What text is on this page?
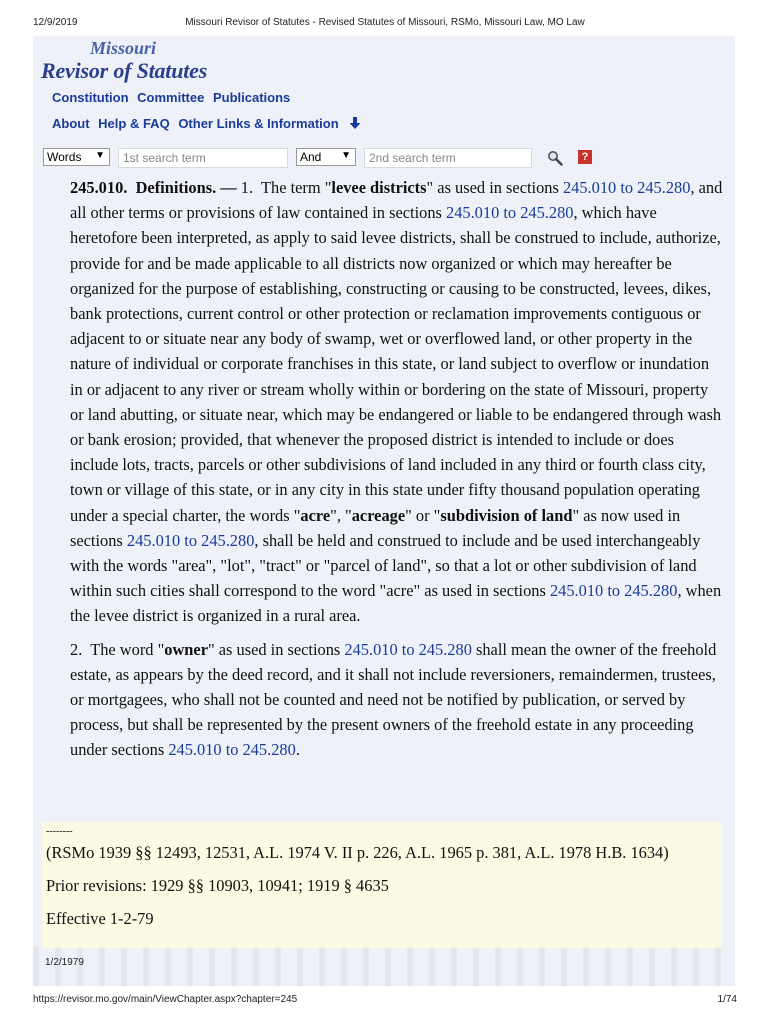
12/9/2019	Missouri Revisor of Statutes - Revised Statutes of Missouri, RSMo, Missouri Law, MO Law
Missouri
Revisor of Statutes
Constitution Committee Publications
About Help & FAQ Other Links & Information
Words ▼	1st search term	And ▼	2nd search term	?

245.010. Definitions. — 1. The term "levee districts" as used in sections 245.010 to 245.280, and all other terms or provisions of law contained in sections 245.010 to 245.280, which have heretofore been interpreted, as apply to said levee districts, shall be construed to include, authorize, provide for and be made applicable to all districts now organized or which may hereafter be organized for the purpose of establishing, constructing or causing to be constructed, levees, dikes, bank protections, current control or other protection or reclamation improvements contiguous or adjacent to or situate near any body of swamp, wet or overflowed land, or other property in the nature of individual or corporate franchises in this state, or land subject to overflow or inundation in or adjacent to any river or stream wholly within or bordering on the state of Missouri, property or land abutting, or situate near, which may be endangered or liable to be endangered through wash or bank erosion; provided, that whenever the proposed district is intended to include or does include lots, tracts, parcels or other subdivisions of land included in any third or fourth class city, town or village of this state, or in any city in this state under fifty thousand population operating under a special charter, the words "acre", "acreage" or "subdivision of land" as now used in sections 245.010 to 245.280, shall be held and construed to include and be used interchangeably with the words "area", "lot", "tract" or "parcel of land", so that a lot or other subdivision of land within such cities shall correspond to the word "acre" as used in sections 245.010 to 245.280, when the levee district is organized in a rural area.

2. The word "owner" as used in sections 245.010 to 245.280 shall mean the owner of the freehold estate, as appears by the deed record, and it shall not include reversioners, remaindermen, trustees, or mortgagees, who shall not be counted and need not be notified by publication, or served by process, but shall be represented by the present owners of the freehold estate in any proceeding under sections 245.010 to 245.280.

--------

(RSMo 1939 §§ 12493, 12531, A.L. 1974 V. II p. 226, A.L. 1965 p. 381, A.L. 1978 H.B. 1634)

Prior revisions: 1929 §§ 10903, 10941; 1919 § 4635

Effective 1-2-79

1/2/1979
https://revisor.mo.gov/main/ViewChapter.aspx?chapter=245	1/74
